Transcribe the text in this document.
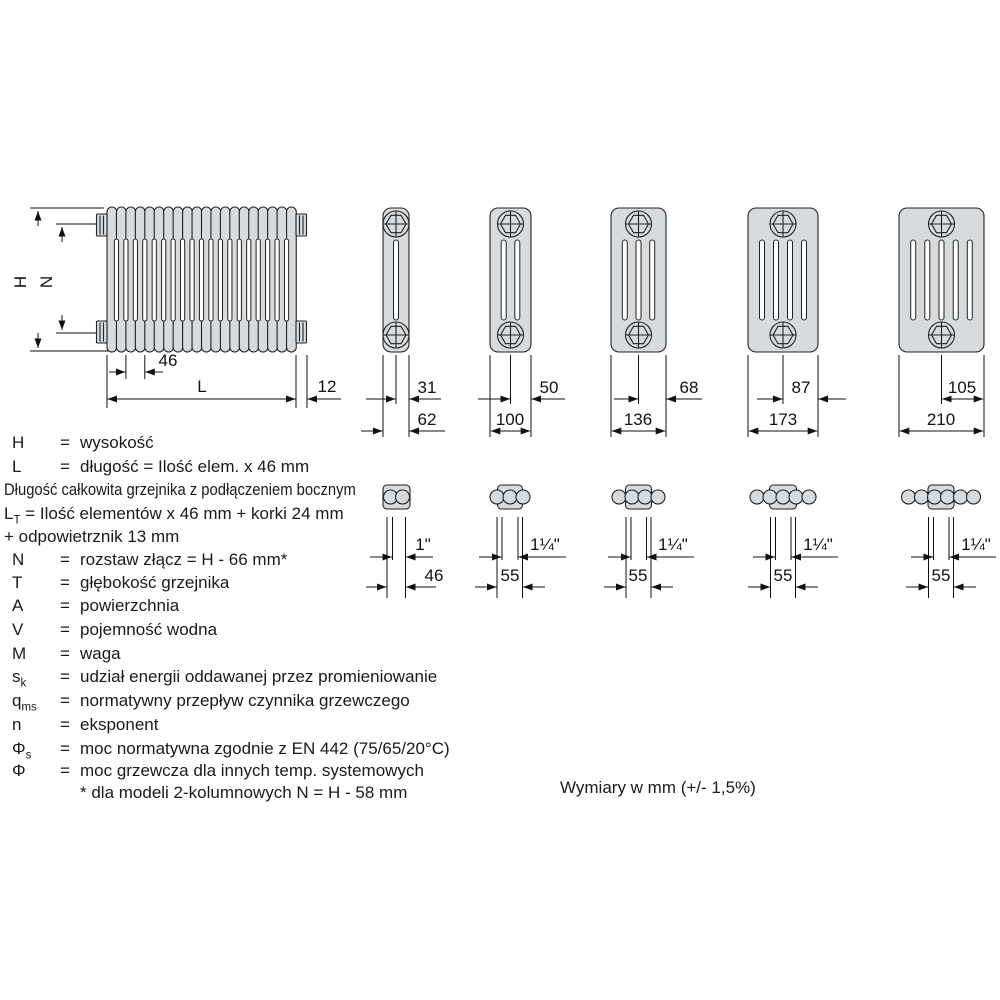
H N
46
L	12	31
62
50
100
68
136
87
173
105
210
1"
46
1¼"
55
1¼"
55
1¼"
55
1¼"
55
H = wysokość
L = długość = Ilość elem. x 46 mm
Długość całkowita grzejnika z podłączeniem bocznym
$L_T$ = Ilość elementów x 46 mm + korki 24 mm
+ odpowietrznik 13 mm
N = rozstaw złącz = H - 66 mm*
T = głębokość grzejnika
A = powierzchnia
V = pojemność wodna
M = waga
$s_k$ = udział energii oddawanej przez promieniowanie
$q_{ms}$ = normatywny przepływ czynnika grzewczego
n = eksponent
$\Phi_s$ = moc normatywna zgodnie z EN 442 (75/65/20°C)
Φ = moc grzewcza dla innych temp. systemowych
* dla modeli 2-kolumnowych N = H - 58 mm	Wymiary w mm (+/- 1,5%)
